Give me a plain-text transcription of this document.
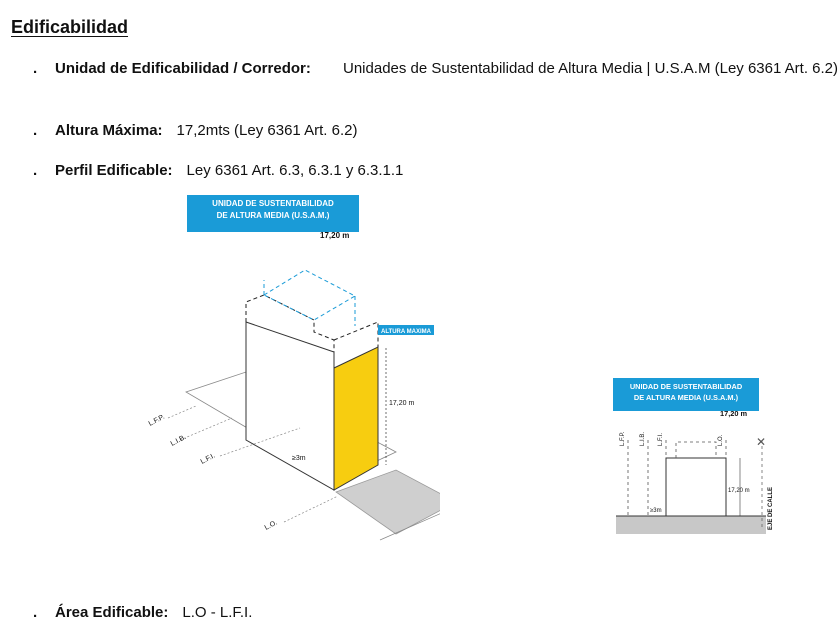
Edificabilidad
. Unidad de Edificabilidad / Corredor:	Unidades de Sustentabilidad de Altura Media | U.S.A.M (Ley 6361 Art. 6.2)
. Altura Máxima: 17,2mts (Ley 6361 Art. 6.2)
. Perfil Edificable: Ley 6361 Art. 6.3, 6.3.1 y 6.3.1.1
UNIDAD DE SUSTENTABILIDAD
DE ALTURA MEDIA (U.S.A.M.)
17,20 m
ALTURA MAXIMA
17,20 m
≥3m
L.F.P.
L.I.B.
L.F.I.
L.O.
UNIDAD DE SUSTENTABILIDAD
DE ALTURA MEDIA (U.S.A.M.)
17,20 m
L.F.P. L.I.B. L.F.I.	L.O.
17,20 m
≥3m
✕
EJE DE CALLE
. Área Edificable: L.O - L.F.I.
